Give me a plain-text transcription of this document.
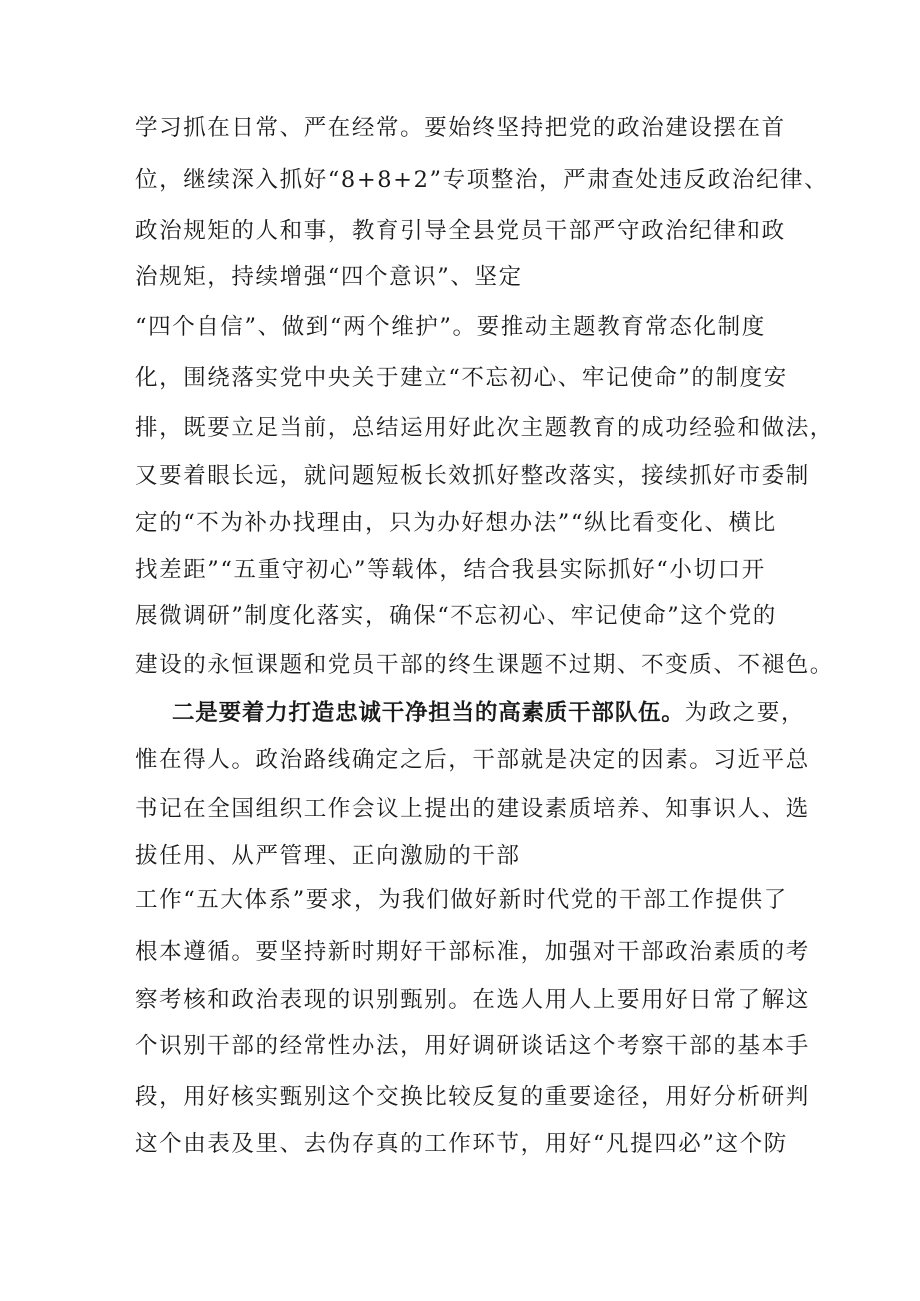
学习抓在日常、严在经常。要始终坚持把党的政治建设摆在首
位，继续深入抓好“8+8+2”专项整治，严肃查处违反政治纪律、
政治规矩的人和事，教育引导全县党员干部严守政治纪律和政
治规矩，持续增强“四个意识”、坚定
“四个自信”、做到“两个维护”。要推动主题教育常态化制度
化，围绕落实党中央关于建立“不忘初心、牢记使命”的制度安
排，既要立足当前，总结运用好此次主题教育的成功经验和做法，
又要着眼长远，就问题短板长效抓好整改落实，接续抓好市委制
定的“不为补办找理由，只为办好想办法”“纵比看变化、横比
找差距”“五重守初心”等载体，结合我县实际抓好“小切口开
展微调研”制度化落实，确保“不忘初心、牢记使命”这个党的
建设的永恒课题和党员干部的终生课题不过期、不变质、不褪色。
二是要着力打造忠诚干净担当的高素质干部队伍。为政之要，
惟在得人。政治路线确定之后，干部就是决定的因素。习近平总
书记在全国组织工作会议上提出的建设素质培养、知事识人、选
拔任用、从严管理、正向激励的干部
工作“五大体系”要求，为我们做好新时代党的干部工作提供了
根本遵循。要坚持新时期好干部标准，加强对干部政治素质的考
察考核和政治表现的识别甄别。在选人用人上要用好日常了解这
个识别干部的经常性办法，用好调研谈话这个考察干部的基本手
段，用好核实甄别这个交换比较反复的重要途径，用好分析研判
这个由表及里、去伪存真的工作环节，用好“凡提四必”这个防
